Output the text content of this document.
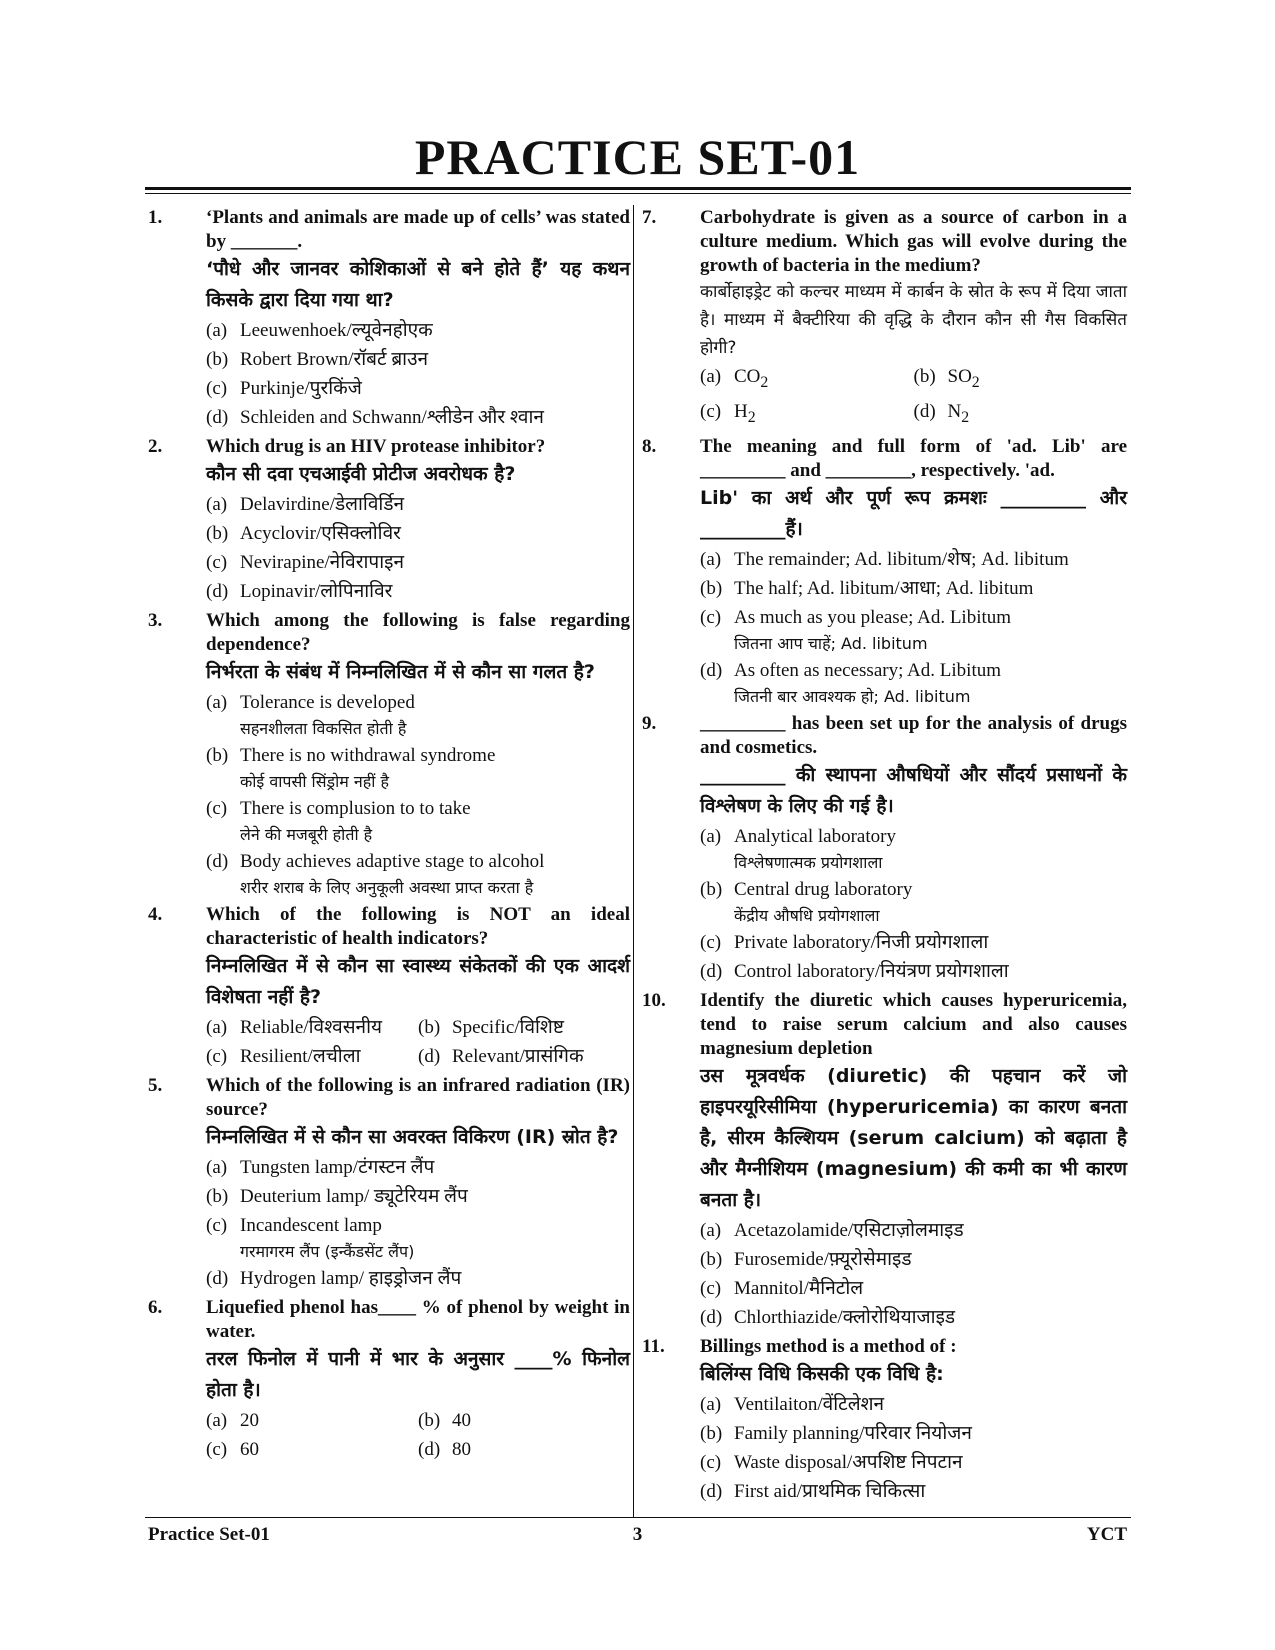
PRACTICE SET-01
1.	‘Plants and animals are made up of cells’ was stated by _______.
‘पौधे और जानवर कोशिकाओं से बने होते हैं’ यह कथन किसके द्वारा दिया गया था?
(a) Leeuwenhoek/ल्यूवेनहोएक
(b) Robert Brown/रॉबर्ट ब्राउन
(c) Purkinje/पुरकिंजे
(d) Schleiden and Schwann/श्लीडेन और श्वान
2.	Which drug is an HIV protease inhibitor?
कौन सी दवा एचआईवी प्रोटीज अवरोधक है?
(a) Delavirdine/डेलाविर्डिन
(b) Acyclovir/एसिक्लोविर
(c) Nevirapine/नेविरापाइन
(d) Lopinavir/लोपिनाविर
3.	Which among the following is false regarding dependence?
निर्भरता के संबंध में निम्नलिखित में से कौन सा गलत है?
(a) Tolerance is developed
सहनशीलता विकसित होती है
(b) There is no withdrawal syndrome
कोई वापसी सिंड्रोम नहीं है
(c) There is complusion to to take
लेने की मजबूरी होती है
(d) Body achieves adaptive stage to alcohol
शरीर शराब के लिए अनुकूली अवस्था प्राप्त करता है
4.	Which of the following is NOT an ideal characteristic of health indicators?
निम्नलिखित में से कौन सा स्वास्थ्य संकेतकों की एक आदर्श विशेषता नहीं है?
(a) Reliable/विश्वसनीय (b) Specific/विशिष्ट
(c) Resilient/लचीला	(d) Relevant/प्रासंगिक
5.	Which of the following is an infrared radiation (IR) source?
निम्नलिखित में से कौन सा अवरक्त विकिरण (IR) स्रोत है?
(a) Tungsten lamp/टंगस्टन लैंप
(b) Deuterium lamp/ ड्यूटेरियम लैंप
(c) Incandescent lamp
गरमागरम लैंप (इन्कैंडसेंट लैंप)
(d) Hydrogen lamp/ हाइड्रोजन लैंप
6.	Liquefied phenol has____ % of phenol by weight in water.
तरल फिनोल में पानी में भार के अनुसार ____% फिनोल होता है।
(a) 20	(b) 40
(c) 60	(d) 80
7.	Carbohydrate is given as a source of carbon in a culture medium. Which gas will evolve during the growth of bacteria in the medium?
कार्बोहाइड्रेट को कल्चर माध्यम में कार्बन के स्रोत के रूप में दिया जाता है। माध्यम में बैक्टीरिया की वृद्धि के दौरान कौन सी गैस विकसित होगी?
(a) $CO_2$	(b) $SO_2$
(c) $H_2$	(d) $N_2$
8.	The meaning and full form of 'ad. Lib' are _________ and _________, respectively. 'ad.
Lib' का अर्थ और पूर्ण रूप क्रमशः _________ और _________हैं।
(a) The remainder; Ad. libitum/शेष; Ad. libitum
(b) The half; Ad. libitum/आधा; Ad. libitum
(c) As much as you please; Ad. Libitum
जितना आप चाहें; Ad. libitum
(d) As often as necessary; Ad. Libitum
जितनी बार आवश्यक हो; Ad. libitum
9.	_________ has been set up for the analysis of drugs and cosmetics.
_________ की स्थापना औषधियों और सौंदर्य प्रसाधनों के विश्लेषण के लिए की गई है।
(a) Analytical laboratory
विश्लेषणात्मक प्रयोगशाला
(b) Central drug laboratory
केंद्रीय औषधि प्रयोगशाला
(c) Private laboratory/निजी प्रयोगशाला
(d) Control laboratory/नियंत्रण प्रयोगशाला
10.	Identify the diuretic which causes hyperuricemia, tend to raise serum calcium and also causes magnesium depletion
उस मूत्रवर्धक (diuretic) की पहचान करें जो हाइपरयूरिसीमिया (hyperuricemia) का कारण बनता है, सीरम कैल्शियम (serum calcium) को बढ़ाता है और मैग्नीशियम (magnesium) की कमी का भी कारण बनता है।
(a) Acetazolamide/एसिटाज़ोलमाइड
(b) Furosemide/फ़्यूरोसेमाइड
(c) Mannitol/मैनिटोल
(d) Chlorthiazide/क्लोरोथियाजाइड
11.	Billings method is a method of :
बिलिंग्स विधि किसकी एक विधि है:
(a) Ventilaiton/वेंटिलेशन
(b) Family planning/परिवार नियोजन
(c) Waste disposal/अपशिष्ट निपटान
(d) First aid/प्राथमिक चिकित्सा
Practice Set-01	3	YCT
